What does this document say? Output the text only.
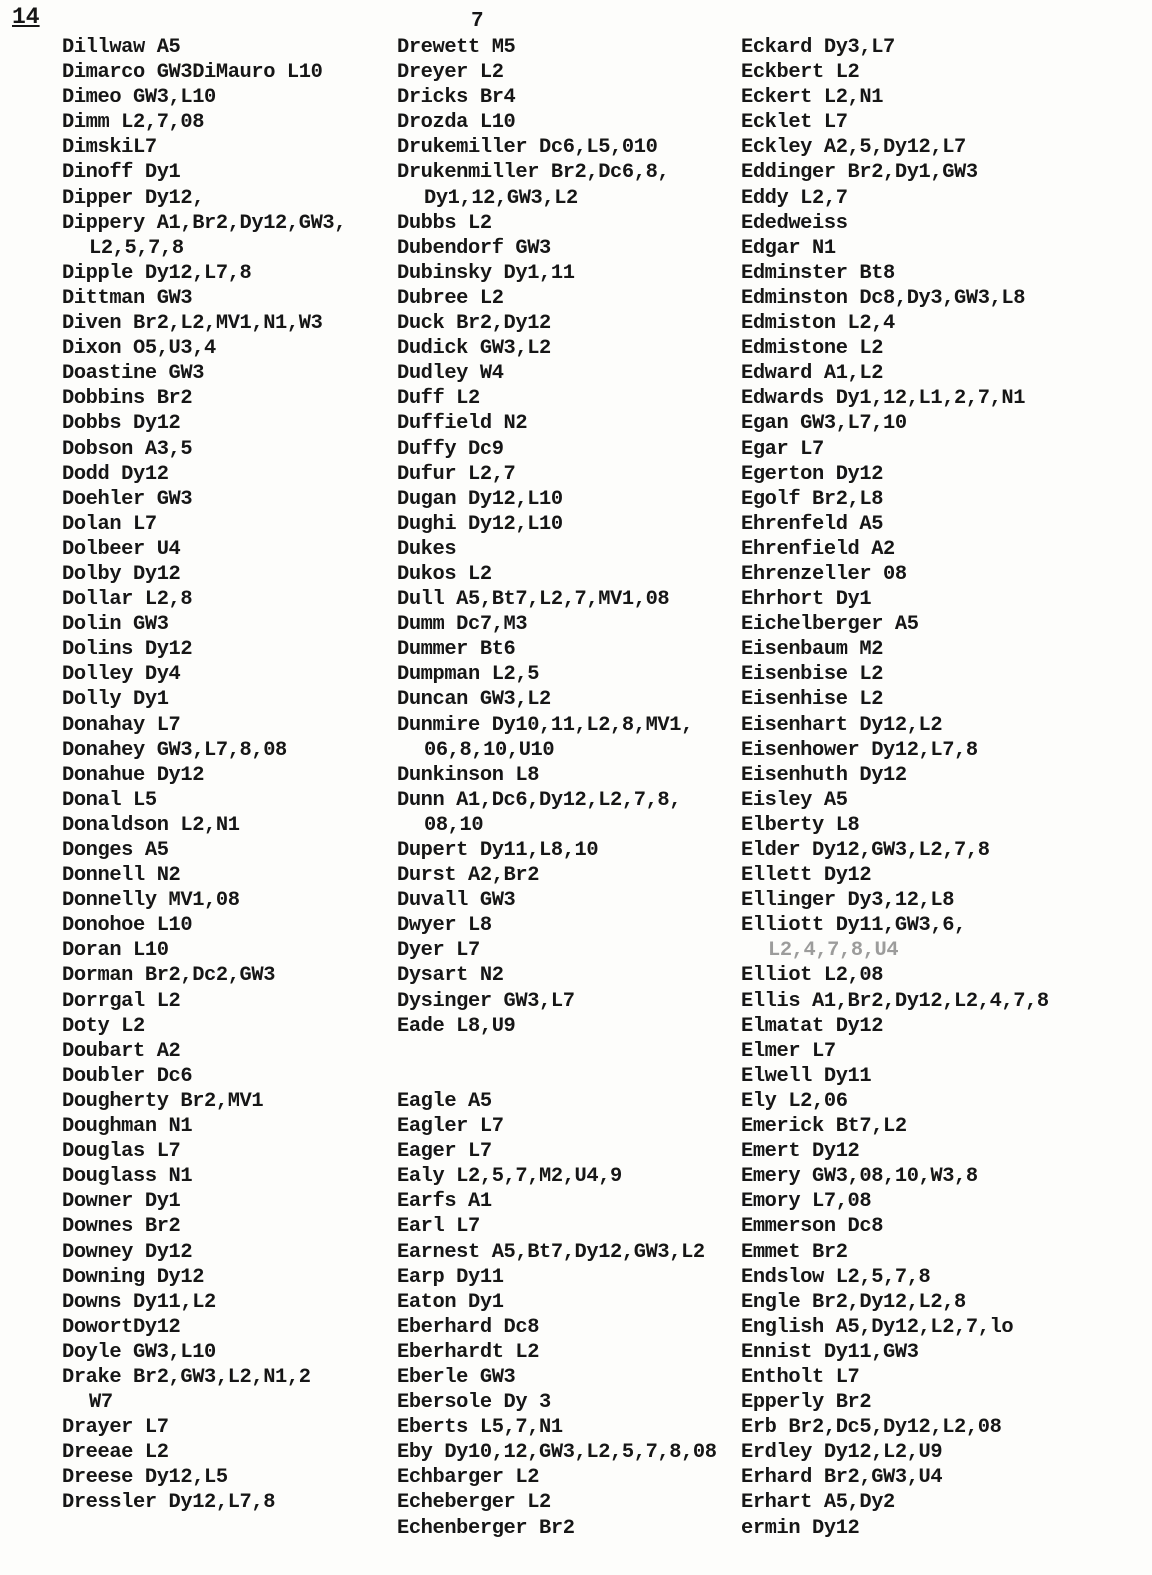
14	7
Dillwaw A5
Dimarco GW3DiMauro L10
Dimeo GW3,L10
Dimm L2,7,08
DimskiL7
Dinoff Dy1
Dipper Dy12,
Dippery A1,Br2,Dy12,GW3,
L2,5,7,8
Dipple Dy12,L7,8
Dittman GW3
Diven Br2,L2,MV1,N1,W3
Dixon O5,U3,4
Doastine GW3
Dobbins Br2
Dobbs Dy12
Dobson A3,5
Dodd Dy12
Doehler GW3
Dolan L7
Dolbeer U4
Dolby Dy12
Dollar L2,8
Dolin GW3
Dolins Dy12
Dolley Dy4
Dolly Dy1
Donahay L7
Donahey GW3,L7,8,08
Donahue Dy12
Donal L5
Donaldson L2,N1
Donges A5
Donnell N2
Donnelly MV1,08
Donohoe L10
Doran L10
Dorman Br2,Dc2,GW3
Dorrgal L2
Doty L2
Doubart A2
Doubler Dc6
Dougherty Br2,MV1
Doughman N1
Douglas L7
Douglass N1
Downer Dy1
Downes Br2
Downey Dy12
Downing Dy12
Downs Dy11,L2
DowortDy12
Doyle GW3,L10
Drake Br2,GW3,L2,N1,2
W7
Drayer L7
Dreeae L2
Dreese Dy12,L5
Dressler Dy12,L7,8
Drewett M5
Dreyer L2
Dricks Br4
Drozda L10
Drukemiller Dc6,L5,010
Drukenmiller Br2,Dc6,8,
Dy1,12,GW3,L2
Dubbs L2
Dubendorf GW3
Dubinsky Dy1,11
Dubree L2
Duck Br2,Dy12
Dudick GW3,L2
Dudley W4
Duff L2
Duffield N2
Duffy Dc9
Dufur L2,7
Dugan Dy12,L10
Dughi Dy12,L10
Dukes
Dukos L2
Dull A5,Bt7,L2,7,MV1,08
Dumm Dc7,M3
Dummer Bt6
Dumpman L2,5
Duncan GW3,L2
Dunmire Dy10,11,L2,8,MV1,
06,8,10,U10
Dunkinson L8
Dunn A1,Dc6,Dy12,L2,7,8,
08,10
Dupert Dy11,L8,10
Durst A2,Br2
Duvall GW3
Dwyer L8
Dyer L7
Dysart N2
Dysinger GW3,L7
Eade L8,U9

Eagle A5
Eagler L7
Eager L7
Ealy L2,5,7,M2,U4,9
Earfs A1
Earl L7
Earnest A5,Bt7,Dy12,GW3,L2
Earp Dy11
Eaton Dy1
Eberhard Dc8
Eberhardt L2
Eberle GW3
Ebersole Dy 3
Eberts L5,7,N1
Eby Dy10,12,GW3,L2,5,7,8,08
Echbarger L2
Echeberger L2
Echenberger Br2
Eckard Dy3,L7
Eckbert L2
Eckert L2,N1
Ecklet L7
Eckley A2,5,Dy12,L7
Eddinger Br2,Dy1,GW3
Eddy L2,7
Ededweiss
Edgar N1
Edminster Bt8
Edminston Dc8,Dy3,GW3,L8
Edmiston L2,4
Edmistone L2
Edward A1,L2
Edwards Dy1,12,L1,2,7,N1
Egan GW3,L7,10
Egar L7
Egerton Dy12
Egolf Br2,L8
Ehrenfeld A5
Ehrenfield A2
Ehrenzeller 08
Ehrhort Dy1
Eichelberger A5
Eisenbaum M2
Eisenbise L2
Eisenhise L2
Eisenhart Dy12,L2
Eisenhower Dy12,L7,8
Eisenhuth Dy12
Eisley A5
Elberty L8
Elder Dy12,GW3,L2,7,8
Ellett Dy12
Ellinger Dy3,12,L8
Elliott Dy11,GW3,6,
L2,4,7,8,U4
Elliot L2,08
Ellis A1,Br2,Dy12,L2,4,7,8
Elmatat Dy12
Elmer L7
Elwell Dy11
Ely L2,06
Emerick Bt7,L2
Emert Dy12
Emery GW3,08,10,W3,8
Emory L7,08
Emmerson Dc8
Emmet Br2
Endslow L2,5,7,8
Engle Br2,Dy12,L2,8
English A5,Dy12,L2,7,lo
Ennist Dy11,GW3
Entholt L7
Epperly Br2
Erb Br2,Dc5,Dy12,L2,08
Erdley Dy12,L2,U9
Erhard Br2,GW3,U4
Erhart A5,Dy2
ermin Dy12
